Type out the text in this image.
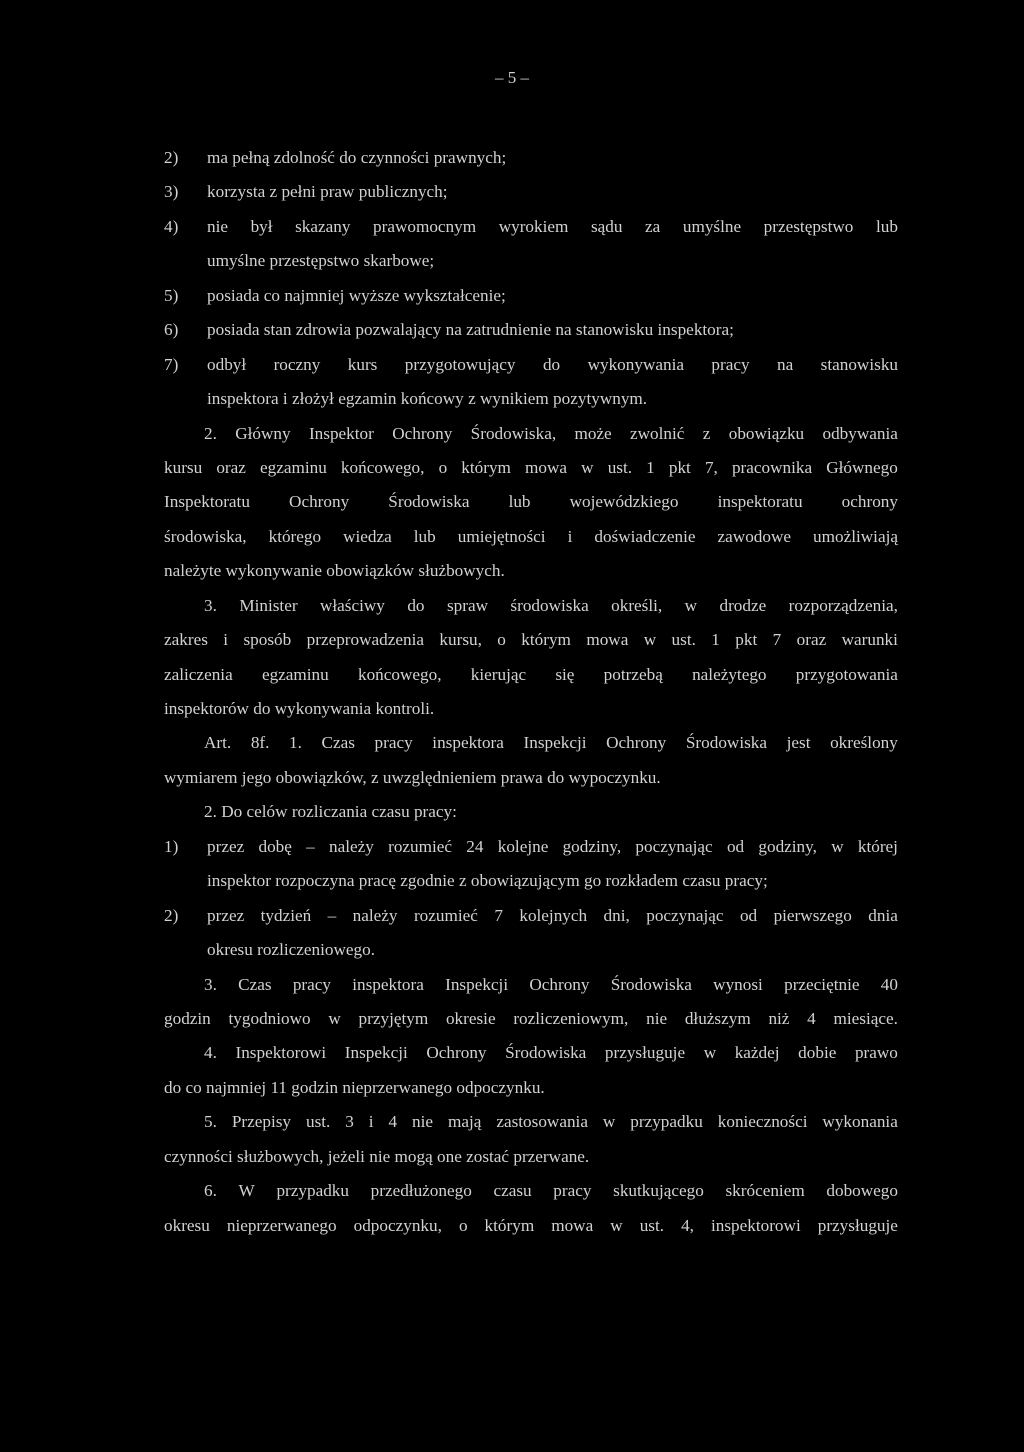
– 5 –
2) ma pełną zdolność do czynności prawnych;
3) korzysta z pełni praw publicznych;
4) nie był skazany prawomocnym wyrokiem sądu za umyślne przestępstwo lub
umyślne przestępstwo skarbowe;
5) posiada co najmniej wyższe wykształcenie;
6) posiada stan zdrowia pozwalający na zatrudnienie na stanowisku inspektora;
7) odbył roczny kurs przygotowujący do wykonywania pracy na stanowisku
inspektora i złożył egzamin końcowy z wynikiem pozytywnym.
2. Główny Inspektor Ochrony Środowiska, może zwolnić z obowiązku odbywania
kursu oraz egzaminu końcowego, o którym mowa w ust. 1 pkt 7, pracownika Głównego
Inspektoratu Ochrony Środowiska lub wojewódzkiego inspektoratu ochrony
środowiska, którego wiedza lub umiejętności i doświadczenie zawodowe umożliwiają
należyte wykonywanie obowiązków służbowych.
3. Minister właściwy do spraw środowiska określi, w drodze rozporządzenia,
zakres i sposób przeprowadzenia kursu, o którym mowa w ust. 1 pkt 7 oraz warunki
zaliczenia egzaminu końcowego, kierując się potrzebą należytego przygotowania
inspektorów do wykonywania kontroli.
Art. 8f. 1. Czas pracy inspektora Inspekcji Ochrony Środowiska jest określony
wymiarem jego obowiązków, z uwzględnieniem prawa do wypoczynku.
2. Do celów rozliczania czasu pracy:
1) przez dobę – należy rozumieć 24 kolejne godziny, poczynając od godziny, w której
inspektor rozpoczyna pracę zgodnie z obowiązującym go rozkładem czasu pracy;
2) przez tydzień – należy rozumieć 7 kolejnych dni, poczynając od pierwszego dnia
okresu rozliczeniowego.
3. Czas pracy inspektora Inspekcji Ochrony Środowiska wynosi przeciętnie 40
godzin tygodniowo w przyjętym okresie rozliczeniowym, nie dłuższym niż 4 miesiące.
4. Inspektorowi Inspekcji Ochrony Środowiska przysługuje w każdej dobie prawo
do co najmniej 11 godzin nieprzerwanego odpoczynku.
5. Przepisy ust. 3 i 4 nie mają zastosowania w przypadku konieczności wykonania
czynności służbowych, jeżeli nie mogą one zostać przerwane.
6. W przypadku przedłużonego czasu pracy skutkującego skróceniem dobowego
okresu nieprzerwanego odpoczynku, o którym mowa w ust. 4, inspektorowi przysługuje
